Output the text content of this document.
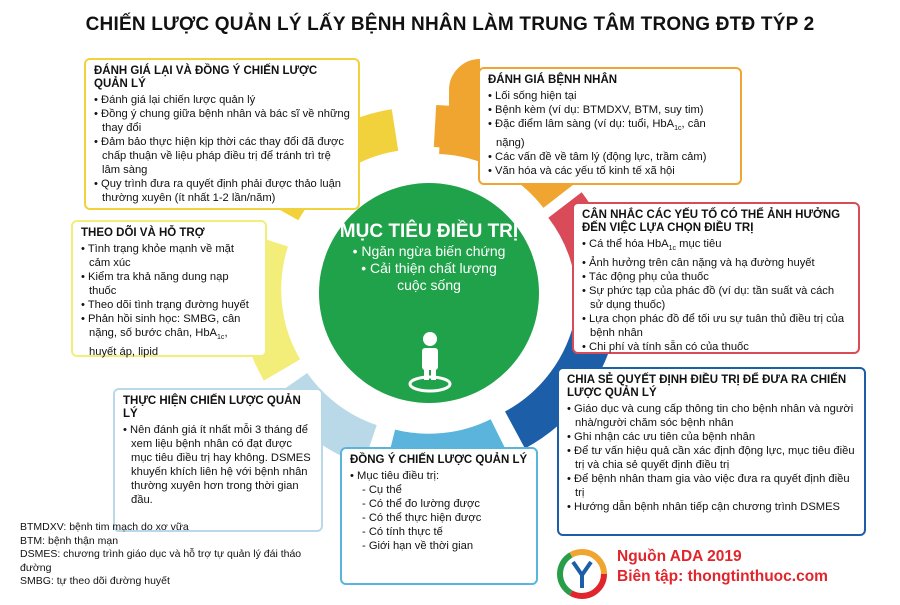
CHIẾN LƯỢC QUẢN LÝ LẤY BỆNH NHÂN LÀM TRUNG TÂM TRONG ĐTĐ TÝP 2
MỤC TIÊU ĐIỀU TRỊ
• Ngăn ngừa biến chứng
• Cải thiện chất lượng
cuộc sống
ĐÁNH GIÁ LẠI VÀ ĐỒNG Ý CHIẾN LƯỢC QUẢN LÝ
• Đánh giá lại chiến lược quản lý
• Đồng ý chung giữa bệnh nhân và bác sĩ về những thay đổi
• Đảm bảo thực hiện kịp thời các thay đổi đã được chấp thuận về liệu pháp điều trị để tránh trì trệ lâm sàng
• Quy trình đưa ra quyết định phải được thảo luận thường xuyên (ít nhất 1-2 lần/năm)
ĐÁNH GIÁ BỆNH NHÂN
• Lối sống hiện tại
• Bệnh kèm (ví dụ: BTMDXV, BTM, suy tim)
• Đặc điểm lâm sàng (ví dụ: tuổi, HbA$_{1c}$, cân nặng)
• Các vấn đề về tâm lý (động lực, trầm cảm)
• Văn hóa và các yếu tố kinh tế xã hội
CÂN NHẮC CÁC YẾU TỐ CÓ THỂ ẢNH HƯỞNG ĐẾN VIỆC LỰA CHỌN ĐIỀU TRỊ
• Cá thể hóa HbA$_{1c}$ mục tiêu
• Ảnh hưởng trên cân nặng và hạ đường huyết
• Tác động phụ của thuốc
• Sự phức tạp của phác đồ (ví dụ: tần suất và cách sử dụng thuốc)
• Lựa chọn phác đồ để tối ưu sự tuân thủ điều trị của bệnh nhân
• Chi phí và tính sẵn có của thuốc
CHIA SẺ QUYẾT ĐỊNH ĐIỀU TRỊ ĐỂ ĐƯA RA CHIẾN LƯỢC QUẢN LÝ
• Giáo dục và cung cấp thông tin cho bệnh nhân và người nhà/người chăm sóc bệnh nhân
• Ghi nhận các ưu tiên của bệnh nhân
• Để tư vấn hiệu quả cần xác định động lực, mục tiêu điều trị và chia sẻ quyết định điều trị
• Để bệnh nhân tham gia vào việc đưa ra quyết định điều trị
• Hướng dẫn bệnh nhân tiếp cận chương trình DSMES
ĐỒNG Ý CHIẾN LƯỢC QUẢN LÝ
• Mục tiêu điều trị:
- Cụ thể
- Có thể đo lường được
- Có thể thực hiện được
- Có tính thực tế
- Giới hạn về thời gian
THỰC HIỆN CHIẾN LƯỢC QUẢN LÝ
• Nên đánh giá ít nhất mỗi 3 tháng để xem liệu bệnh nhân có đạt được mục tiêu điều trị hay không. DSMES khuyến khích liên hệ với bệnh nhân thường xuyên hơn trong thời gian đầu.
THEO DÕI VÀ HỖ TRỢ
• Tình trạng khỏe mạnh về mặt cảm xúc
• Kiểm tra khả năng dung nạp thuốc
• Theo dõi tình trạng đường huyết
• Phản hồi sinh học: SMBG, cân nặng, số bước chân, HbA$_{1c}$, huyết áp, lipid
BTMDXV: bệnh tim mạch do xơ vữa
BTM: bệnh thận mạn
DSMES: chương trình giáo dục và hỗ trợ tự quản lý đái tháo đường
SMBG: tự theo dõi đường huyết
Nguồn ADA 2019
Biên tập: thongtinthuoc.com
